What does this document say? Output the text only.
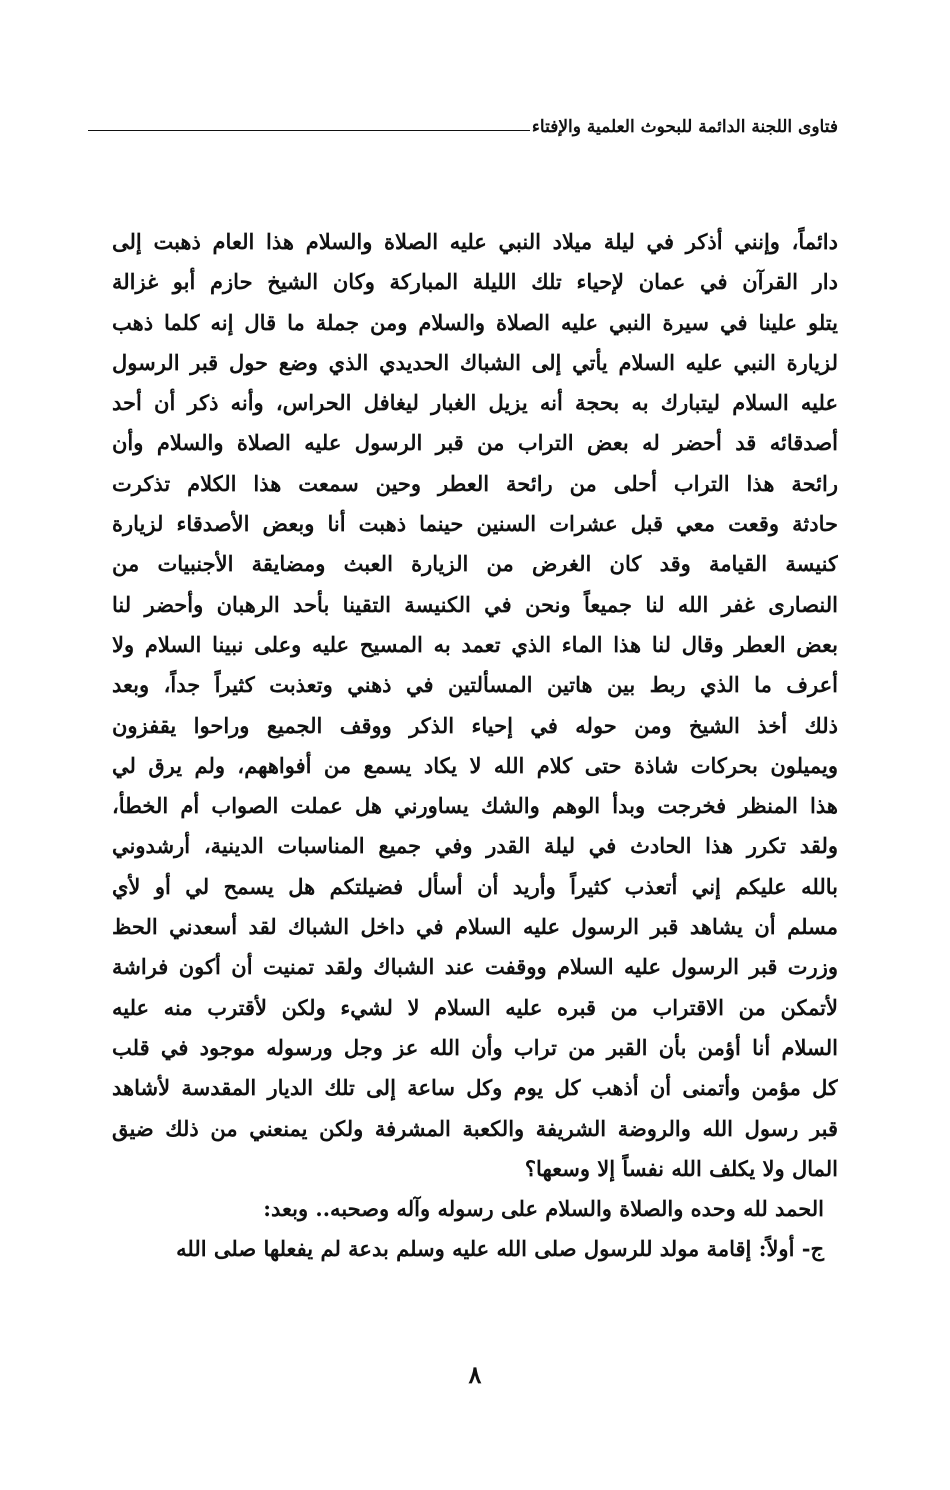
فتاوى اللجنة الدائمة للبحوث العلمية والإفتاء
دائماً، وإنني أذكر في ليلة ميلاد النبي عليه الصلاة والسلام هذا العام ذهبت إلى
دار القرآن في عمان لإحياء تلك الليلة المباركة وكان الشيخ حازم أبو غزالة
يتلو علينا في سيرة النبي عليه الصلاة والسلام ومن جملة ما قال إنه كلما ذهب
لزيارة النبي عليه السلام يأتي إلى الشباك الحديدي الذي وضع حول قبر الرسول
عليه السلام ليتبارك به بحجة أنه يزيل الغبار ليغافل الحراس، وأنه ذكر أن أحد
أصدقائه قد أحضر له بعض التراب من قبر الرسول عليه الصلاة والسلام وأن
رائحة هذا التراب أحلى من رائحة العطر وحين سمعت هذا الكلام تذكرت
حادثة وقعت معي قبل عشرات السنين حينما ذهبت أنا وبعض الأصدقاء لزيارة
كنيسة القيامة وقد كان الغرض من الزيارة العبث ومضايقة الأجنبيات من
النصارى غفر الله لنا جميعاً ونحن في الكنيسة التقينا بأحد الرهبان وأحضر لنا
بعض العطر وقال لنا هذا الماء الذي تعمد به المسيح عليه وعلى نبينا السلام ولا
أعرف ما الذي ربط بين هاتين المسألتين في ذهني وتعذبت كثيراً جداً، وبعد
ذلك أخذ الشيخ ومن حوله في إحياء الذكر ووقف الجميع وراحوا يقفزون
ويميلون بحركات شاذة حتى كلام الله لا يكاد يسمع من أفواههم، ولم يرق لي
هذا المنظر فخرجت وبدأ الوهم والشك يساورني هل عملت الصواب أم الخطأ،
ولقد تكرر هذا الحادث في ليلة القدر وفي جميع المناسبات الدينية، أرشدوني
بالله عليكم إني أتعذب كثيراً وأريد أن أسأل فضيلتكم هل يسمح لي أو لأي
مسلم أن يشاهد قبر الرسول عليه السلام في داخل الشباك لقد أسعدني الحظ
وزرت قبر الرسول عليه السلام ووقفت عند الشباك ولقد تمنيت أن أكون فراشة
لأتمكن من الاقتراب من قبره عليه السلام لا لشيء ولكن لأقترب منه عليه
السلام أنا أؤمن بأن القبر من تراب وأن الله عز وجل ورسوله موجود في قلب
كل مؤمن وأتمنى أن أذهب كل يوم وكل ساعة إلى تلك الديار المقدسة لأشاهد
قبر رسول الله والروضة الشريفة والكعبة المشرفة ولكن يمنعني من ذلك ضيق
المال ولا يكلف الله نفساً إلا وسعها؟
الحمد لله وحده والصلاة والسلام على رسوله وآله وصحبه.. وبعد:
ج- أولاً: إقامة مولد للرسول صلى الله عليه وسلم بدعة لم يفعلها صلى الله
٨
